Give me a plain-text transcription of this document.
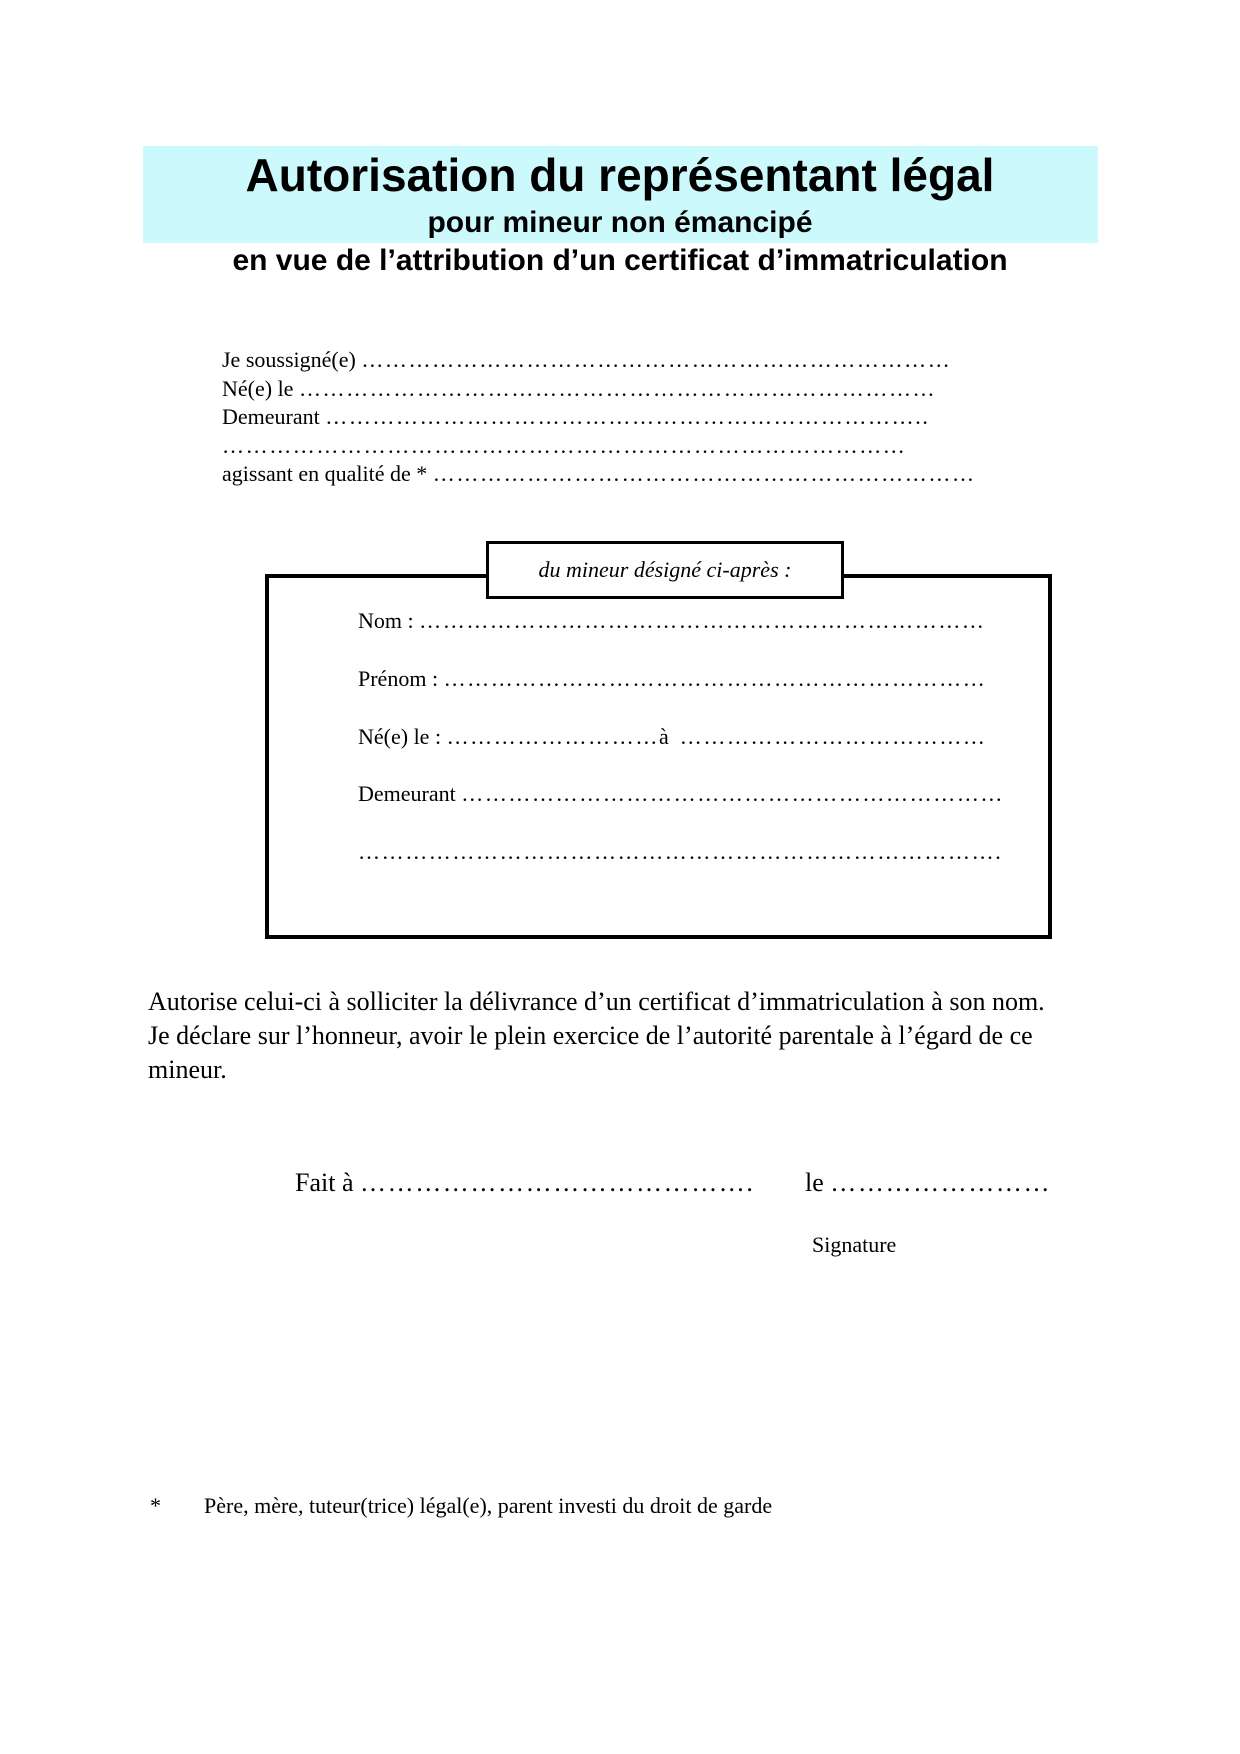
Autorisation du représentant légal
pour mineur non émancipé
en vue de l’attribution d’un certificat d’immatriculation
Je soussigné(e) …………………………………………………………………
Né(e) le ………………………………………………………………………
Demeurant …………………………………………………………………..
……………………………………………………………………………
agissant en qualité de * ……………………………………………………………
du mineur désigné ci-après :
Nom : ………………………………………………………………
Prénom : ……………………………………………………………
Né(e) le : ………………………à …………………………………
Demeurant ……………………………………………………………
……………………………………………………………………….

Autorise celui-ci à solliciter la délivrance d’un certificat d’immatriculation à son nom.

Je déclare sur l’honneur, avoir le plein exercice de l’autorité parentale à l’égard de ce mineur.

Fait à ……………………………………. le ……………………
Signature
* Père, mère, tuteur(trice) légal(e), parent investi du droit de garde
